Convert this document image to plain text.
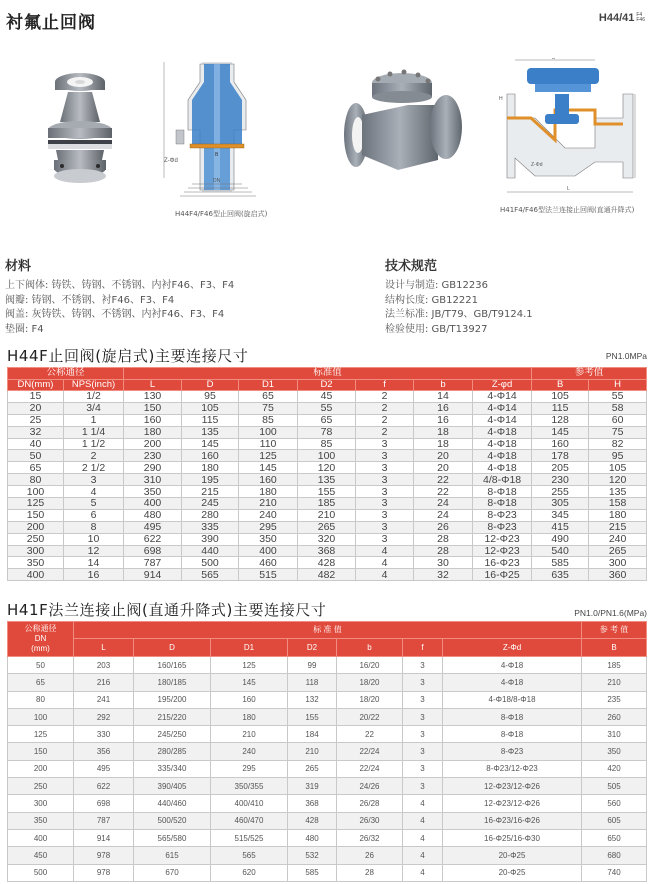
衬氟止回阀	H44/41 F4
F46
Z-Φd
DN
B
H44F4/F46型止回阀(旋启式)
B
L
H
Z-Φd
H41F4/F46型法兰连接止回阀(直通升降式)
材料
上下阀体: 铸铁、铸钢、不锈钢、内衬F46、F3、F4
阀瓣: 铸钢、不锈钢、衬F46、F3、F4
阀盖: 灰铸铁、铸钢、不锈钢、内衬F46、F3、F4
垫圈: F4
技术规范
设计与制造: GB12236
结构长度: GB12221
法兰标准: JB/T79、GB/T9124.1
检验使用: GB/T13927
H44F止回阀(旋启式)主要连接尺寸	PN1.0MPa
公称通径		标准值							参考值	
DN(mm)	NPS(inch)	L	D	D1	D2	f	b	Z-φd	B	H
15	1/2	130	95	65	45	2	14	4-Φ14	105	55
20	3/4	150	105	75	55	2	16	4-Φ14	115	58
25	1	160	115	85	65	2	16	4-Φ14	128	60
32	1 1/4	180	135	100	78	2	18	4-Φ18	145	75
40	1 1/2	200	145	110	85	3	18	4-Φ18	160	82
50	2	230	160	125	100	3	20	4-Φ18	178	95
65	2 1/2	290	180	145	120	3	20	4-Φ18	205	105
80	3	310	195	160	135	3	22	4/8-Φ18	230	120
100	4	350	215	180	155	3	22	8-Φ18	255	135
125	5	400	245	210	185	3	24	8-Φ18	305	158
150	6	480	280	240	210	3	24	8-Φ23	345	180
200	8	495	335	295	265	3	26	8-Φ23	415	215
250	10	622	390	350	320	3	28	12-Φ23	490	240
300	12	698	440	400	368	4	28	12-Φ23	540	265
350	14	787	500	460	428	4	30	16-Φ23	585	300
400	16	914	565	515	482	4	32	16-Φ25	635	360
H41F法兰连接止阀(直通升降式)主要连接尺寸	PN1.0/PN1.6(MPa)
公称通径
DN
(mm)	标 准 值							参 考 值
	L	D	D1	D2	b	f	Z-Φd	B
50	203	160/165	125	99	16/20	3	4-Φ18	185
65	216	180/185	145	118	18/20	3	4-Φ18	210
80	241	195/200	160	132	18/20	3	4-Φ18/8-Φ18	235
100	292	215/220	180	155	20/22	3	8-Φ18	260
125	330	245/250	210	184	22	3	8-Φ18	310
150	356	280/285	240	210	22/24	3	8-Φ23	350
200	495	335/340	295	265	22/24	3	8-Φ23/12-Φ23	420
250	622	390/405	350/355	319	24/26	3	12-Φ23/12-Φ26	505
300	698	440/460	400/410	368	26/28	4	12-Φ23/12-Φ26	560
350	787	500/520	460/470	428	26/30	4	16-Φ23/16-Φ26	605
400	914	565/580	515/525	480	26/32	4	16-Φ25/16-Φ30	650
450	978	615	565	532	26	4	20-Φ25	680
500	978	670	620	585	28	4	20-Φ25	740
